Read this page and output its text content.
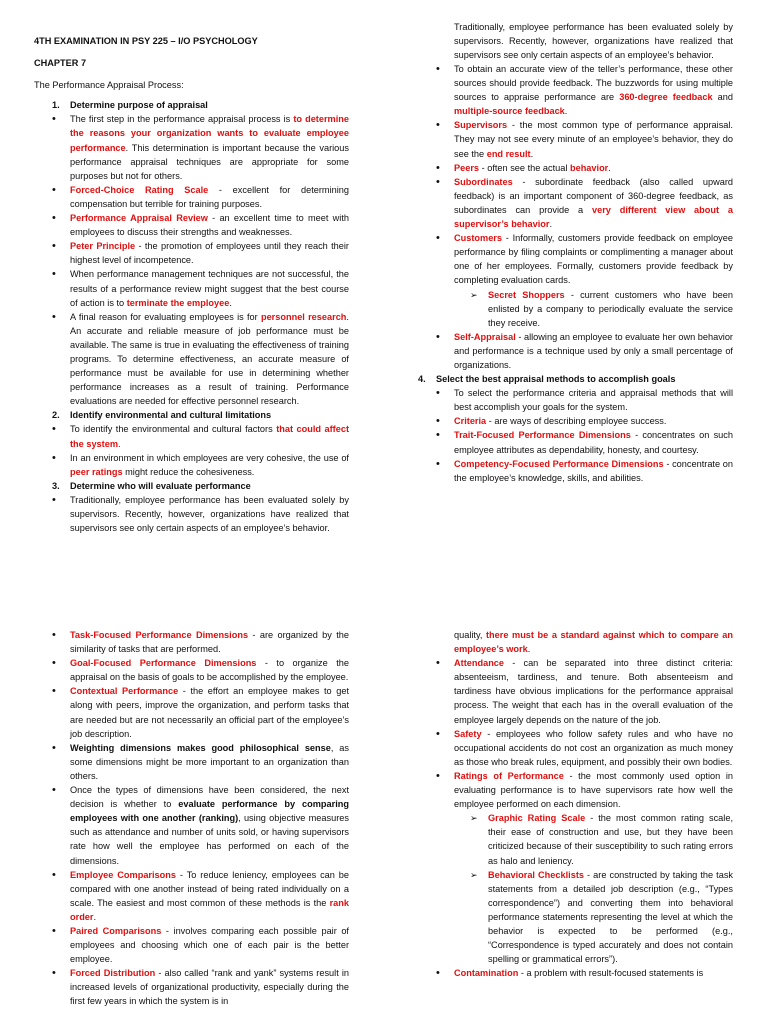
4TH EXAMINATION IN PSY 225 – I/O PSYCHOLOGY
CHAPTER 7
The Performance Appraisal Process:
1. Determine purpose of appraisal
• The first step in the performance appraisal process is to determine the reasons your organization wants to evaluate employee performance. This determination is important because the various performance appraisal techniques are appropriate for some purposes but not for others.
• Forced-Choice Rating Scale - excellent for determining compensation but terrible for training purposes.
• Performance Appraisal Review - an excellent time to meet with employees to discuss their strengths and weaknesses.
• Peter Principle - the promotion of employees until they reach their highest level of incompetence.
• When performance management techniques are not successful, the results of a performance review might suggest that the best course of action is to terminate the employee.
• A final reason for evaluating employees is for personnel research. An accurate and reliable measure of job performance must be available. The same is true in evaluating the effectiveness of training programs. To determine effectiveness, an accurate measure of performance must be available for use in determining whether performance increases as a result of training. Performance evaluations are needed for effective personnel research.
2. Identify environmental and cultural limitations
• To identify the environmental and cultural factors that could affect the system.
• In an environment in which employees are very cohesive, the use of peer ratings might reduce the cohesiveness.
3. Determine who will evaluate performance
• Traditionally, employee performance has been evaluated solely by supervisors. Recently, however, organizations have realized that supervisors see only certain aspects of an employee’s behavior.

Traditionally, employee performance has been evaluated solely by supervisors. Recently, however, organizations have realized that supervisors see only certain aspects of an employee’s behavior.

• To obtain an accurate view of the teller’s performance, these other sources should provide feedback. The buzzwords for using multiple sources to appraise performance are 360-degree feedback and multiple-source feedback.
• Supervisors - the most common type of performance appraisal. They may not see every minute of an employee’s behavior, they do see the end result.
• Peers - often see the actual behavior.
• Subordinates - subordinate feedback (also called upward feedback) is an important component of 360-degree feedback, as subordinates can provide a very different view about a supervisor’s behavior.
• Customers - Informally, customers provide feedback on employee performance by filing complaints or complimenting a manager about one of her employees. Formally, customers provide feedback by completing evaluation cards.
➢ Secret Shoppers - current customers who have been enlisted by a company to periodically evaluate the service they receive.
• Self-Appraisal - allowing an employee to evaluate her own behavior and performance is a technique used by only a small percentage of organizations.
4. Select the best appraisal methods to accomplish goals
• To select the performance criteria and appraisal methods that will best accomplish your goals for the system.
• Criteria - are ways of describing employee success.
• Trait-Focused Performance Dimensions - concentrates on such employee attributes as dependability, honesty, and courtesy.
• Competency-Focused Performance Dimensions - concentrate on the employee’s knowledge, skills, and abilities.
• Task-Focused Performance Dimensions - are organized by the similarity of tasks that are performed.
• Goal-Focused Performance Dimensions - to organize the appraisal on the basis of goals to be accomplished by the employee.
• Contextual Performance - the effort an employee makes to get along with peers, improve the organization, and perform tasks that are needed but are not necessarily an official part of the employee’s job description.
• Weighting dimensions makes good philosophical sense, as some dimensions might be more important to an organization than others.
• Once the types of dimensions have been considered, the next decision is whether to evaluate performance by comparing employees with one another (ranking), using objective measures such as attendance and number of units sold, or having supervisors rate how well the employee has performed on each of the dimensions.
• Employee Comparisons - To reduce leniency, employees can be compared with one another instead of being rated individually on a scale. The easiest and most common of these methods is the rank order.
• Paired Comparisons - involves comparing each possible pair of employees and choosing which one of each pair is the better employee.
• Forced Distribution - also called “rank and yank” systems result in increased levels of organizational productivity, especially during the first few years in which the system is in
quality, there must be a standard against which to compare an employee’s work.
• Attendance - can be separated into three distinct criteria: absenteeism, tardiness, and tenure. Both absenteeism and tardiness have obvious implications for the performance appraisal process. The weight that each has in the overall evaluation of the employee largely depends on the nature of the job.
• Safety - employees who follow safety rules and who have no occupational accidents do not cost an organization as much money as those who break rules, equipment, and possibly their own bodies.
• Ratings of Performance - the most commonly used option in evaluating performance is to have supervisors rate how well the employee performed on each dimension.
➢ Graphic Rating Scale - the most common rating scale, their ease of construction and use, but they have been criticized because of their susceptibility to such rating errors as halo and leniency.
➢ Behavioral Checklists - are constructed by taking the task statements from a detailed job description (e.g., “Types correspondence”) and converting them into behavioral performance statements representing the level at which the behavior is expected to be performed (e.g., “Correspondence is typed accurately and does not contain spelling or grammatical errors”).
• Contamination - a problem with result-focused statements is
